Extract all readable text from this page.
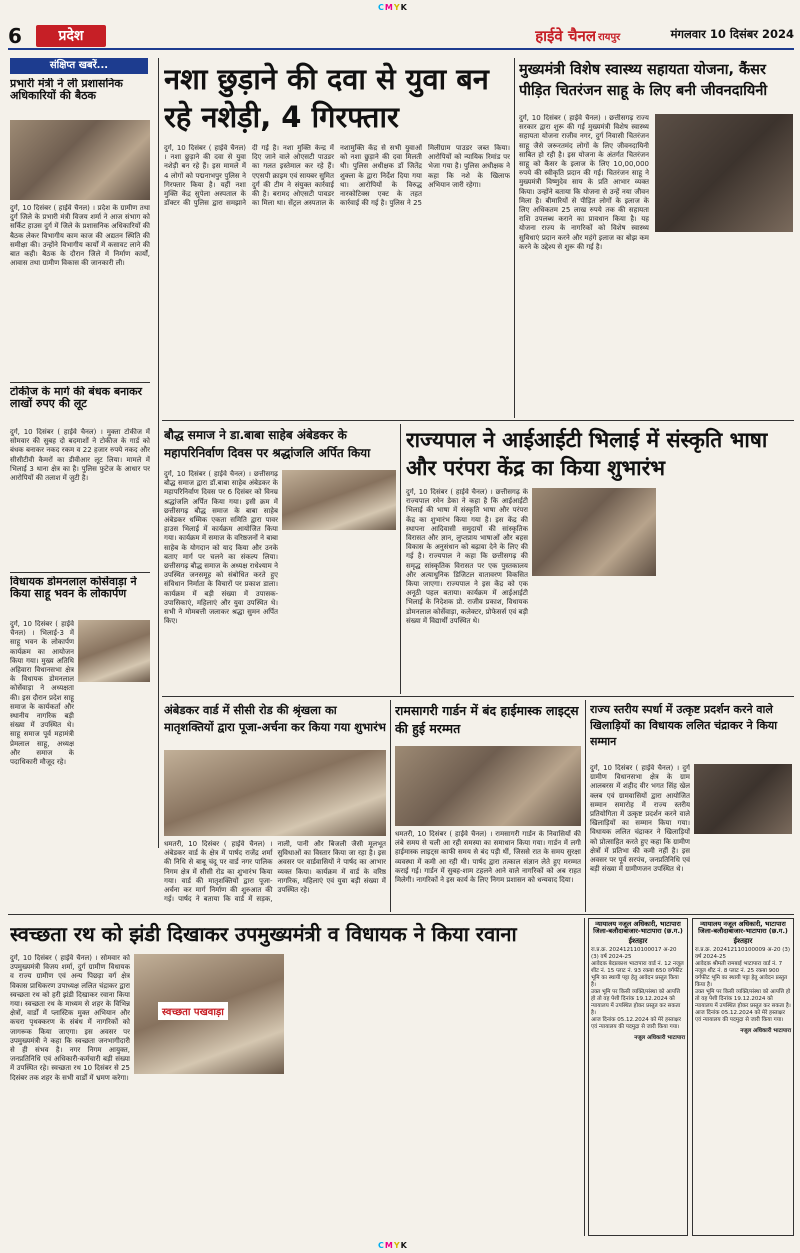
CMYK
6	प्रदेश	हाईवे चैनल रायपुर	मंगलवार 10 दिसंबर 2024
संक्षिप्त खबरें...
प्रभारी मंत्री ने ली प्रशासनिक अधिकारियों की बैठक
दुर्ग, 10 दिसंबर ( हाईवे चैनल) । प्रदेश के ग्रामीण तथा दुर्ग जिले के प्रभारी मंत्री विजय शर्मा ने आज संभाग को सर्किट हाउस दुर्ग में जिले के प्रशासनिक अधिकारियों की बैठक लेकर विभागीय काम काज की अद्यतन स्थिति की समीक्षा की। उन्होंने विभागीय कार्यों में कसावट लाने की बात कही। बैठक के दौरान जिले में निर्माण कार्यों, आवास तथा ग्रामीण विकास की जानकारी ली।
टोकीज के मार्ग की बंधक बनाकर लाखों रुपए की लूट
दुर्ग, 10 दिसंबर ( हाईवे चैनल) । मुक्ता टोकीज में सोमवार की सुबह दो बदमाशों ने टोकीज के गार्ड को बंधक बनाकर नकद रकम व 22 हजार रुपये नकद और सीसीटीवी कैमरों का डीवीआर लूट लिया। मामले में भिलाई 3 थाना क्षेत्र का है। पुलिस फुटेज के आधार पर आरोपियों की तलाश में जुटी है।
विधायक डोमनलाल कोर्सेवाड़ा ने किया साहू भवन के लोकार्पण
दुर्ग, 10 दिसंबर ( हाईवे चैनल) । भिलाई-3 में साहू भवन के लोकार्पण कार्यक्रम का आयोजन किया गया। मुख्य अतिथि अहिवारा विधानसभा क्षेत्र के विधायक डोमनलाल कोर्सेवाड़ा ने अध्यक्षता की। इस दौरान प्रदेश साहू समाज के कार्यकर्ता और स्थानीय नागरिक बड़ी संख्या में उपस्थित थे। साहू समाज पूर्व महामंत्री प्रेमलाल साहू, अध्यक्ष और समाज के पदाधिकारी मौजूद रहे।
नशा छुड़ाने की दवा से युवा बन रहे नशेड़ी, 4 गिरफ्तार
दुर्ग, 10 दिसंबर ( हाईवे चैनल) । नशा छुड़ाने की दवा से युवा नशेड़ी बन रहे हैं। इस मामले में 4 लोगों को पद्मनाभपुर पुलिस ने गिरफ्तार किया है। यहीं नशा मुक्ति केंद्र सुपेला अस्पताल के डॉक्टर की पुलिस द्वारा समझाने दी गई है। नशा मुक्ति केन्द्र में दिए जाने वाले ओएसटी पाउडर का गलत इस्तेमाल कर रहे हैं। एएसपी क्राइम एवं सायबर सुमित दुर्ग की टीम ने संयुक्त कार्रवाई की है। बरामद ओएसटी पावडर का मिला था। सेंट्रल अस्पताल के नशामुक्ति केंद्र से सभी युवाओं को नशा छुड़ाने की दवा मिलती थी। पुलिस अधीक्षक डॉ जितेंद्र शुक्ला के द्वारा निर्देश दिया गया था। आरोपियों के विरुद्ध नारकोटिक्स एक्ट के तहत कार्रवाई की गई है। पुलिस ने 25 मिलीग्राम पाउडर जब्त किया। आरोपियों को न्यायिक रिमांड पर भेजा गया है। पुलिस अधीक्षक ने कहा कि नशे के खिलाफ अभियान जारी रहेगा।
मुख्यमंत्री विशेष स्वास्थ्य सहायता योजना, कैंसर पीड़ित चितरंजन साहू के लिए बनी जीवनदायिनी
दुर्ग, 10 दिसंबर ( हाईवे चैनल) । छत्तीसगढ़ राज्य सरकार द्वारा शुरू की गई मुख्यमंत्री विशेष स्वास्थ्य सहायता योजना राजीव नगर, दुर्ग निवासी चितरंजन साहू जैसे जरूरतमंद लोगों के लिए जीवनदायिनी साबित हो रही है। इस योजना के अंतर्गत चितरंजन साहू को कैंसर के इलाज के लिए 10,00,000 रुपये की स्वीकृति प्रदान की गई। चितरंजन साहू ने मुख्यमंत्री विष्णुदेव साय के प्रति आभार व्यक्त किया। उन्होंने बताया कि योजना से उन्हें नया जीवन मिला है। बीमारियों से पीड़ित लोगों के इलाज के लिए अधिकतम 25 लाख रुपये तक की सहायता राशि उपलब्ध कराने का प्रावधान किया है। यह योजना राज्य के नागरिकों को विशेष स्वास्थ्य सुविधाएं प्रदान करने और महंगे इलाज का बोझ कम करने के उद्देश्य से शुरू की गई है।
बौद्ध समाज ने डा.बाबा साहेब अंबेडकर के महापरिनिर्वाण दिवस पर श्रद्धांजलि अर्पित किया
दुर्ग, 10 दिसंबर ( हाईवे चैनल) । छत्तीसगढ़ बौद्ध समाज द्वारा डॉ.बाबा साहेब अंबेडकर के महापरिनिर्वाण दिवस पर 6 दिसंबर को विनम्र श्रद्धांजलि अर्पित किया गया। इसी क्रम में छत्तीसगढ़ बौद्ध समाज के बाबा साहेब अंबेडकर धम्मिक एकता समिति द्वारा पावर हाउस भिलाई में कार्यक्रम आयोजित किया गया। कार्यक्रम में समाज के वरिष्ठजनों ने बाबा साहेब के योगदान को याद किया और उनके बताए मार्ग पर चलने का संकल्प लिया। छत्तीसगढ़ बौद्ध समाज के अध्यक्ष राधेश्याम ने उपस्थित जनसमूह को संबोधित करते हुए संविधान निर्माता के विचारों पर प्रकाश डाला। कार्यक्रम में बड़ी संख्या में उपासक-उपासिकाएं, महिलाएं और युवा उपस्थित थे। सभी ने मोमबत्ती जलाकर श्रद्धा सुमन अर्पित किए।
राज्यपाल ने आईआईटी भिलाई में संस्कृति भाषा और परंपरा केंद्र का किया शुभारंभ
दुर्ग, 10 दिसंबर ( हाईवे चैनल) । छत्तीसगढ़ के राज्यपाल रमेन डेका ने कहा है कि आईआईटी भिलाई की भाषा में संस्कृति भाषा और परंपरा केंद्र का शुभारंभ किया गया है। इस केंद्र की स्थापना आदिवासी समुदायों की सांस्कृतिक विरासत और ज्ञान, लुप्तप्राय भाषाओं और बहस विकास के अनुसंधान को बढ़ावा देने के लिए की गई है। राज्यपाल ने कहा कि छत्तीसगढ़ की समृद्ध सांस्कृतिक विरासत पर एक पुस्तकालय और अत्याधुनिक डिजिटल वातावरण विकसित किया जाएगा। राज्यपाल ने इस केंद्र को एक अनूठी पहल बताया। कार्यक्रम में आईआईटी भिलाई के निदेशक प्रो. राजीव प्रकाश, विधायक डोमनलाल कोर्सेवाड़ा, कलेक्टर, प्रोफेसर्स एवं बड़ी संख्या में विद्यार्थी उपस्थित थे।
अंबेडकर वार्ड में सीसी रोड की श्रृंखला का मातृशक्तियों द्वारा पूजा-अर्चना कर किया गया शुभारंभ
धमतरी, 10 दिसंबर ( हाईवे चैनल) । अंबेडकर वार्ड के क्षेत्र में पार्षद राजेंद्र शर्मा की निधि से बाबू चंदू पर वार्ड नगर पालिक निगम क्षेत्र में सीसी रोड का शुभारंभ किया गया। वार्ड की मातृशक्तियों द्वारा पूजा-अर्चना कर मार्ग निर्माण की शुरुआत की गई। पार्षद ने बताया कि वार्ड में सड़क, नाली, पानी और बिजली जैसी मूलभूत सुविधाओं का विस्तार किया जा रहा है। इस अवसर पर वार्डवासियों ने पार्षद का आभार व्यक्त किया। कार्यक्रम में वार्ड के वरिष्ठ नागरिक, महिलाएं एवं युवा बड़ी संख्या में उपस्थित रहे।
रामसागरी गार्डन में बंद हाईमास्क लाइट्स की हुई मरम्मत
धमतरी, 10 दिसंबर ( हाईवे चैनल) । रामसागरी गार्डन के निवासियों की लंबे समय से चली आ रही समस्या का समाधान किया गया। गार्डन में लगी हाईमास्क लाइट्स काफी समय से बंद पड़ी थीं, जिससे रात के समय सुरक्षा व्यवस्था में कमी आ रही थी। पार्षद द्वारा तत्काल संज्ञान लेते हुए मरम्मत कराई गई। गार्डन में सुबह-शाम टहलने आने वाले नागरिकों को अब राहत मिलेगी। नागरिकों ने इस कार्य के लिए निगम प्रशासन को धन्यवाद दिया।
राज्य स्तरीय स्पर्धा में उत्कृष्ट प्रदर्शन करने वाले खिलाड़ियों का विधायक ललित चंद्राकर ने किया सम्मान
दुर्ग, 10 दिसंबर ( हाईवे चैनल) । दुर्ग ग्रामीण विधानसभा क्षेत्र के ग्राम आलबरस में शहीद वीर भगत सिंह खेल क्लब एवं ग्रामवासियों द्वारा आयोजित सम्मान समारोह में राज्य स्तरीय प्रतियोगिता में उत्कृष्ट प्रदर्शन करने वाले खिलाड़ियों का सम्मान किया गया। विधायक ललित चंद्राकर ने खिलाड़ियों को प्रोत्साहित करते हुए कहा कि ग्रामीण क्षेत्रों में प्रतिभा की कमी नहीं है। इस अवसर पर पूर्व सरपंच, जनप्रतिनिधि एवं बड़ी संख्या में ग्रामीणजन उपस्थित थे।
स्वच्छता रथ को झंडी दिखाकर उपमुख्यमंत्री व विधायक ने किया रवाना
दुर्ग, 10 दिसंबर ( हाईवे चैनल) । सोमवार को उपमुख्यमंत्री विजय शर्मा, दुर्ग ग्रामीण विधायक व राज्य ग्रामीण एवं अन्य पिछड़ा वर्ग क्षेत्र विकास प्राधिकरण उपाध्यक्ष ललित चंद्राकर द्वारा स्वच्छता रथ को हरी झंडी दिखाकर रवाना किया गया। स्वच्छता रथ के माध्यम से शहर के विभिन्न क्षेत्रों, वार्डों में प्लास्टिक मुक्त अभियान और कचरा पृथक्करण के संबंध में नागरिकों को जागरूक किया जाएगा। इस अवसर पर उपमुख्यमंत्री ने कहा कि स्वच्छता जनभागीदारी से ही संभव है। नगर निगम आयुक्त, जनप्रतिनिधि एवं अधिकारी-कर्मचारी बड़ी संख्या में उपस्थित रहे। स्वच्छता रथ 10 दिसंबर से 25 दिसंबर तक शहर के सभी वार्डों में भ्रमण करेगा।
स्वच्छता पखवाड़ा
न्यायालय नजूल अधिकारी, भाटापारा जिला-बलौदाबाजार-भाटापारा (छ.ग.)
ईश्तहार
रा.प्र.क्र. 202412110100017 अ-20 (3) वर्ष 2024-25
आवेदक बेदप्रकाश भाटापारा वार्ड नं. 12 नजूल शीट नं. 15 प्लाट नं. 93 रकबा 650 वर्गफीट भूमि का स्थायी पट्टा हेतु आवेदन प्रस्तुत किया है।
उक्त भूमि पर किसी व्यक्ति/संस्था को आपत्ति हो तो वह पेशी दिनांक 19.12.2024 को न्यायालय में उपस्थित होकर प्रस्तुत कर सकता है।
आज दिनांक 05.12.2024 को मेरे हस्ताक्षर एवं न्यायालय की पदमुद्रा से जारी किया गया।
नजूल अधिकारी भाटापारा
न्यायालय नजूल अधिकारी, भाटापारा जिला-बलौदाबाजार-भाटापारा (छ.ग.)
ईश्तहार
रा.प्र.क्र. 202412110100009 अ-20 (3) वर्ष 2024-25
आवेदक श्रीमती रामबाई भाटापारा वार्ड नं. 7 नजूल शीट नं. 8 प्लाट नं. 25 रकबा 900 वर्गफीट भूमि का स्थायी पट्टा हेतु आवेदन प्रस्तुत किया है।
उक्त भूमि पर किसी व्यक्ति/संस्था को आपत्ति हो तो वह पेशी दिनांक 19.12.2024 को न्यायालय में उपस्थित होकर प्रस्तुत कर सकता है।
आज दिनांक 05.12.2024 को मेरे हस्ताक्षर एवं न्यायालय की पदमुद्रा से जारी किया गया।
नजूल अधिकारी भाटापारा
CMYK
